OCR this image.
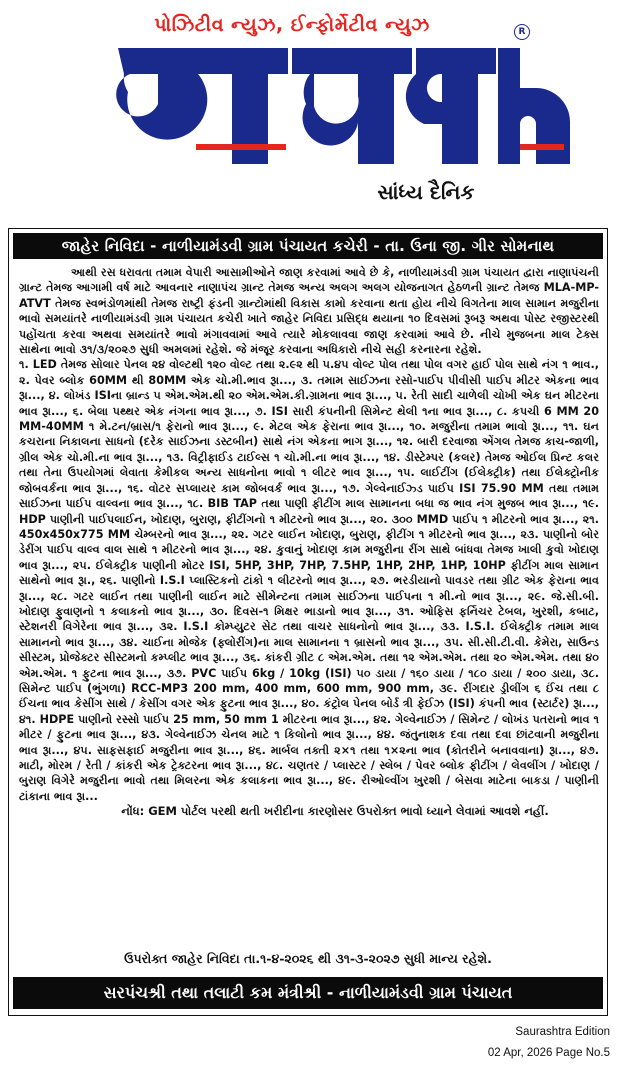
પોઝિટીવ ન્યુઝ, ઈન્ફોર્મેટીવ ન્યુઝ	R
સાંધ્ય દૈનિક
જાહેર નિવિદા - નાળીયામંડવી ગ્રામ પંચાયત કચેરી - તા. ઉના જી. ગીર સોમનાથ

આથી રસ ધરાવતા તમામ વેપારી આસામીઓને જાણ કરવામાં આવે છે કે, નાળીયામંડવી ગ્રામ પંચાયત દ્વારા નાણાપંચની ગ્રાન્ટ તેમજ આગામી વર્ષ માટે આવનાર નાણાપંચ ગ્રાન્ટ તેમજ અન્ય અલગ અલગ યોજનાગત હેઠળની ગ્રાન્ટ તેમજ MLA-MP-ATVT તેમજ સ્વભંડોળમાંથી તેમજ રાષ્ટ્રી ફંડની ગ્રાન્ટોમાંથી વિકાસ કામો કરવાના થતા હોય નીચે વિગતેના માલ સામાન મજુરીના ભાવો સમયાંતરે નાળીયામંડવી ગ્રામ પંચાયત કચેરી ખાતે જાહેર નિવિદા પ્રસિદ્ધ થયાના ૧૦ દિવસમાં રૂબરૂ અથવા પોસ્ટ રજીસ્ટરથી પહોંચતા કરવા અથવા સમયાંતરે ભાવો મંગાવવામાં આવે ત્યારે મોકલાવવા જાણ કરવામાં આવે છે. નીચે મુજબના માલ ટેક્સ સાથેના ભાવો ૩૧/૩/૨૦૨૭ સુધી અમલમાં રહેશે. જે મંજૂર કરવાના અધિકારો નીચે સહી કરનારના રહેશે.

૧. LED તેમજ સોલાર પેનલ ૨૪ વોલ્ટથી ૧૨૦ વોલ્ટ તથા ૨.૯૨ થી ૫.૪૫ વોલ્ટ પોલ તથા પોલ વગર હાઈ પોલ સાથે નંગ ૧ ભાવ., ૨. પેવર બ્લોક 60MM થી 80MM એક ચો.મી.ભાવ રૂા..., ૩. તમામ સાઈઝના રસો-પાઈપ પીવીસી પાઈપ મીટર એકના ભાવ રૂા..., ૪. લોખંડ ISIના બ્રાન્ડ ૫ એમ.એમ.થી ૨૦ એમ.એમ.કી.ગ્રામના ભાવ રૂા..., ૫. રેતી સાદી ચાળેલી ચોખી એક ઘન મીટરના ભાવ રૂા..., ૬. બેલા પથ્થર એક નંગના ભાવ રૂા..., ૭. ISI સારી કંપનીની સિમેન્ટ થેલી ૧ના ભાવ રૂા..., ૮. કપચી 6 MM 20 MM-40MM ૧ મે.ટન/બ્રાસ/૧ ફેરાનો ભાવ રૂા..., ૯. મેટલ એક ફેરાના ભાવ રૂા..., ૧૦. મજુરીના તમામ ભાવો રૂા..., ૧૧. ઘન કચરાના નિકાલના સાધનો (દરેક સાઈઝના ડસ્ટબીન) સાથે નંગ એકના ભાગ રૂા..., ૧૨. બારી દરવાજા એંગલ તેમજ કાચ-જાળી, ગ્રીલ એક ચો.મી.ના ભાવ રૂા..., ૧૩. વિટ્રીફાઈડ ટાઈલ્સ ૧ ચો.મી.ના ભાવ રૂા..., ૧૪. ડીસ્ટેમ્પર (કલર) તેમજ ઓઈલ પ્રિન્ટ કલર તથા તેના ઉપયોગમાં લેવાતા કેમીકલ અન્ય સાધનોના ભાવો ૧ લીટર ભાવ રૂા..., ૧૫. લાઈટીંગ (ઈલેક્ટ્રીક) તથા ઈલેક્ટ્રોનીક જોબવર્કના ભાવ રૂા..., ૧૬. વોટર સપ્લાયર કામ જોબવર્ક ભાવ રૂા..., ૧૭. ગેલ્વેનાઈઝ્ડ પાઈપ ISI 75.90 MM તથા તમામ સાઈઝના પાઈપ વાલ્વના ભાવ રૂા..., ૧૮. BIB TAP તથા પાણી ફીટીંગ માલ સામાનના બધા જ ભાવ નંગ મુજબ ભાવ રૂા..., ૧૯. HDP પાણીની પાઈપલાઈન, ખોદાણ, બુરાણ, ફીટીંગનો ૧ મીટરનો ભાવ રૂા..., ૨૦. ૩૦૦ MMD પાઈપ ૧ મીટરનો ભાવ રૂા..., ૨૧. 450x450x775 MM ચેમ્બરનો ભાવ રૂા..., ૨૨. ગટર લાઈન ખોદાણ, બુરાણ, ફીટીંગ ૧ મીટરનો ભાવ રૂા..., ૨૩. પાણીનો બોર ડેરીંગ પાઈપ વાલ્વ વાલ સાથે ૧ મીટરનો ભાવ રૂા..., ૨૪. કુવાનું ખોદાણ કામ મજુરીના રીંગ સાથે બાંધવા તેમજ ખાલી કુવો ખોદાણ ભાવ રૂા..., ૨૫. ઈલેક્ટ્રીક પાણીની મોટર ISI, 5HP, 3HP, 7HP, 7.5HP, 1HP, 2HP, 1HP, 10HP ફીટીંગ માલ સામાન સાથેનો ભાવ રૂા., ૨૬. પાણીનો I.S.I પ્લાસ્ટિકનો ટાંકો ૧ લીટરનો ભાવ રૂા..., ૨૭. ભરડીયાનો પાવડર તથા ગ્રીટ એક ફેરાના ભાવ રૂા..., ૨૮. ગટર લાઈન તથા પાણીની લાઈન માટે સીમેન્ટના તમામ સાઈઝના પાઈપના ૧ મી.નો ભાવ રૂા..., ૨૯. જે.સી.બી. ખોદાણ ફુવાણનો ૧ કલાકનો ભાવ રૂા..., ૩૦. દિવસ-૧ મિક્ષર ભાડાનો ભાવ રૂા..., ૩૧. ઓફિસ ફર્નિચર ટેબલ, ખુરશી, કબાટ, સ્ટેશનરી વિગેરેના ભાવ રૂા..., ૩૨. I.S.I કોમ્પ્યુટર સેટ તથા વાચર સાધનોનો ભાવ રૂા..., ૩૩. I.S.I. ઈલેક્ટ્રીક તમામ માલ સામાનનો ભાવ રૂા..., ૩૪. ચાઈના મોજેક (ફ્લોરીંગ)ના માલ સામાનના ૧ બ્રાસનો ભાવ રૂા..., ૩૫. સી.સી.ટી.વી. કેમેરા, સાઉન્ડ સીસ્ટમ, પ્રોજેક્ટર સીસ્ટમનો કમ્પ્લીટ ભાવ રૂા..., ૩૬. કાંકરી ગ્રીટ ૮ એમ.એમ. તથા ૧૨ એમ.એમ. તથા ૨૦ એમ.એમ. તથા ૪૦ એમ.એમ. ૧ ફુટના ભાવ રૂા..., ૩૭. PVC પાઈપ 6kg / 10kg (ISI) ૫૦ ડાયા / ૧૬૦ ડાયા / ૧૮૦ ડાયા / ૨૦૦ ડાયા, ૩૮. સિમેન્ટ પાઈપ (ભુંગળા) RCC-MP3 200 mm, 400 mm, 600 mm, 900 mm, ૩૯. રીંગદાર ડ્રીલીંગ ૬ ઈંચ તથા ૮ ઈંચના ભાવ કેસીંગ સાથે / કેસીંગ વગર એક ફુટના ભાવ રૂા..., ૪૦. કંટ્રોલ પેનલ બોર્ડ ત્રી ફેઈઝ (ISI) કંપની ભાવ (સ્ટાર્ટર) રૂા..., ૪૧. HDPE પાણીનો રસ્સો પાઈપ 25 mm, 50 mm 1 મીટરના ભાવ રૂા..., ૪૨. ગેલ્વેનાઈઝ / સિમેન્ટ / લોખંડ પતરાનો ભાવ ૧ મીટર / ફુટના ભાવ રૂા..., ૪૩. ગેલ્વેનાઈઝ ચેનલ માટે ૧ કિલોનો ભાવ રૂા..., ૪૪. જંતુનાશક દવા તથા દવા છાંટવાની મજુરીના ભાવ રૂા..., ૪૫. સાફસફાઈ મજુરીના ભાવ રૂા..., ૪૬. માર્બલ તક્તી ૨×૧ તથા ૧×૨ના ભાવ (કોતરીને બનાવવાના) રૂા..., ૪૭. માટી, મોરમ / રેતી / કાંકરી એક ટ્રેક્ટરના ભાવ રૂા..., ૪૮. ચણતર / પ્લાસ્ટર / સ્લેબ / પેવર બ્લોક ફીટીંગ / લેવલીંગ / ખોદાણ / બુરાણ વિગેરે મજુરીના ભાવો તથા મિલરના એક કલાકના ભાવ રૂા..., ૪૯. રીઓલ્વીંગ ખુરશી / બેસવા માટેના બાકડા / પાણીની ટાંકાના ભાવ રૂા...

નોંધ: GEM પોર્ટલ પરથી થતી ખરીદીના કારણોસર ઉપરોક્ત ભાવો ધ્યાને લેવામાં આવશે નહીં.

ઉપરોક્ત જાહેર નિવિદા તા.૧-૪-૨૦૨૬ થી ૩૧-૩-૨૦૨૭ સુધી માન્ય રહેશે.
સરપંચશ્રી તથા તલાટી કમ મંત્રીશ્રી - નાળીયામંડવી ગ્રામ પંચાયત
Saurashtra Edition
02 Apr, 2026 Page No.5
